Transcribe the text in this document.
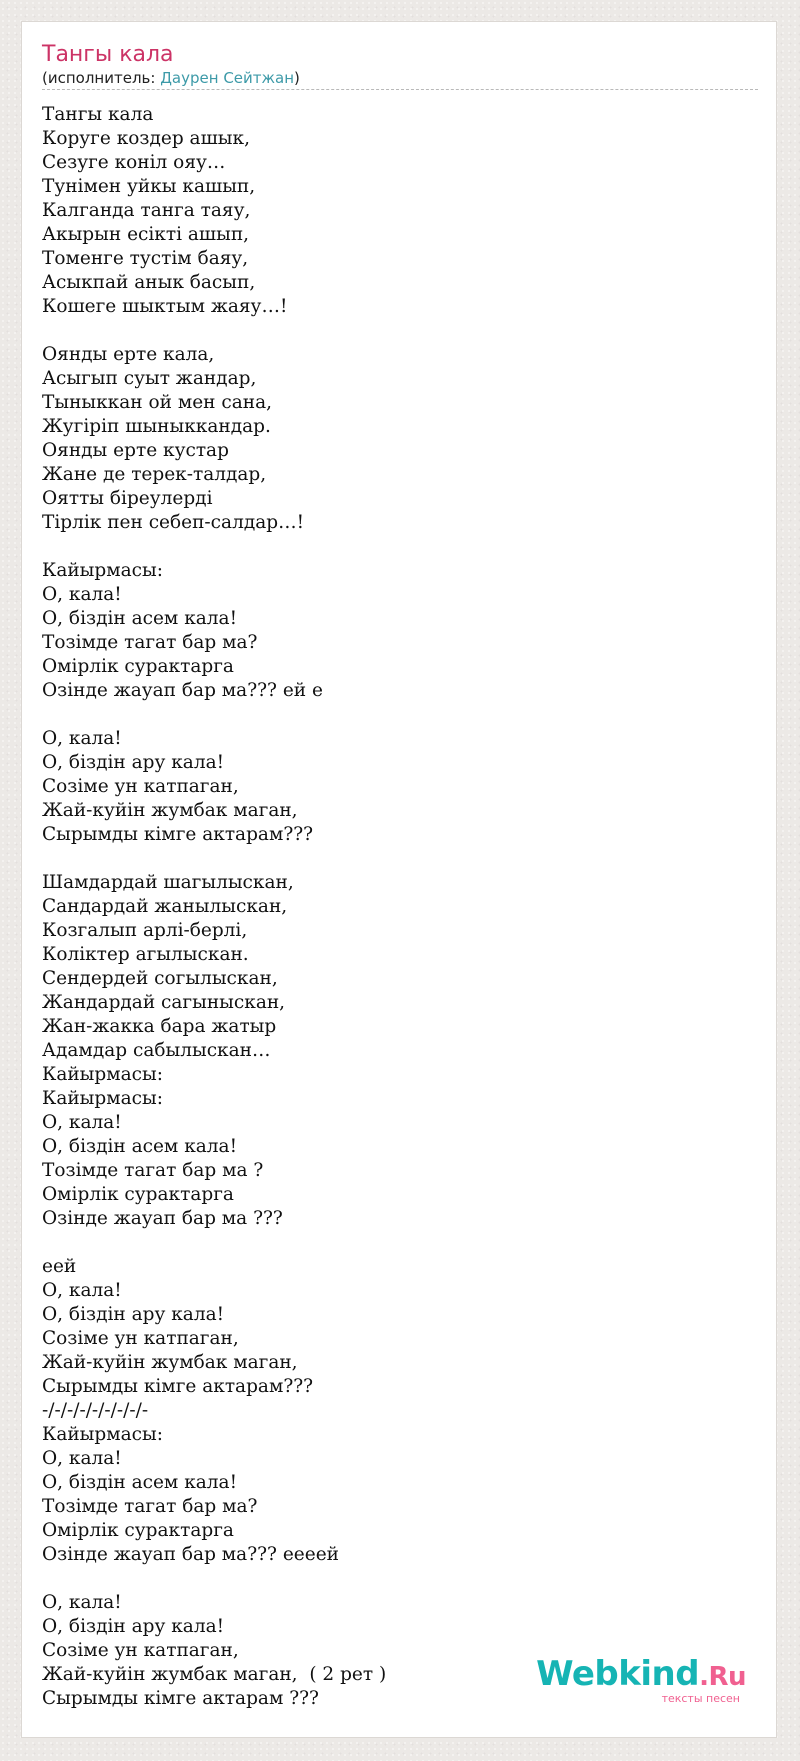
Тангы кала
(исполнитель: Даурен Сейтжан)
Тангы кала
Коруге коздер ашык,
Сезуге конiл ояу…
Тунiмен уйкы кашып,
Калганда танга таяу,
Акырын есiктi ашып,
Томенге тустiм баяу,
Асыкпай анык басып,
Кошеге шыктым жаяу…!
Оянды ерте кала,
Асыгып суыт жандар,
Тыныккан ой мен сана,
Жугiрiп шыныккандар.
Оянды ерте кустар
Жане де терек-талдар,
Оятты бiреулердi
Тiрлiк пен себеп-салдар…!
Кайырмасы:
О, кала!
О, бiздiн асем кала!
Тозiмде тагат бар ма?
Омiрлiк сурактарга
Озiнде жауап бар ма??? ей е
О, кала!
О, бiздiн ару кала!
Созiме ун катпаган,
Жай-куйiн жумбак маган,
Сырымды кiмге актарам???
Шамдардай шагылыскан,
Сандардай жанылыскан,
Козгалып арлi-берлi,
Колiктер агылыскан.
Сендердей согылыскан,
Жандардай сагыныскан,
Жан-жакка бара жатыр
Адамдар сабылыскан…
Кайырмасы:
Кайырмасы:
О, кала!
О, бiздiн асем кала!
Тозiмде тагат бар ма ?
Омiрлiк сурактарга
Озiнде жауап бар ма ???
еей
О, кала!
О, бiздiн ару кала!
Созiме ун катпаган,
Жай-куйiн жумбак маган,
Сырымды кiмге актарам???
-/-/-/-/-/-/-/-/-
Кайырмасы:
О, кала!
О, бiздiн асем кала!
Тозiмде тагат бар ма?
Омiрлiк сурактарга
Озiнде жауап бар ма??? еееей
О, кала!
О, бiздiн ару кала!
Созiме ун катпаган,
Жай-куйiн жумбак маган,  ( 2 рет )
Сырымды кiмге актарам ???
Webkind.Ru
тексты песен
